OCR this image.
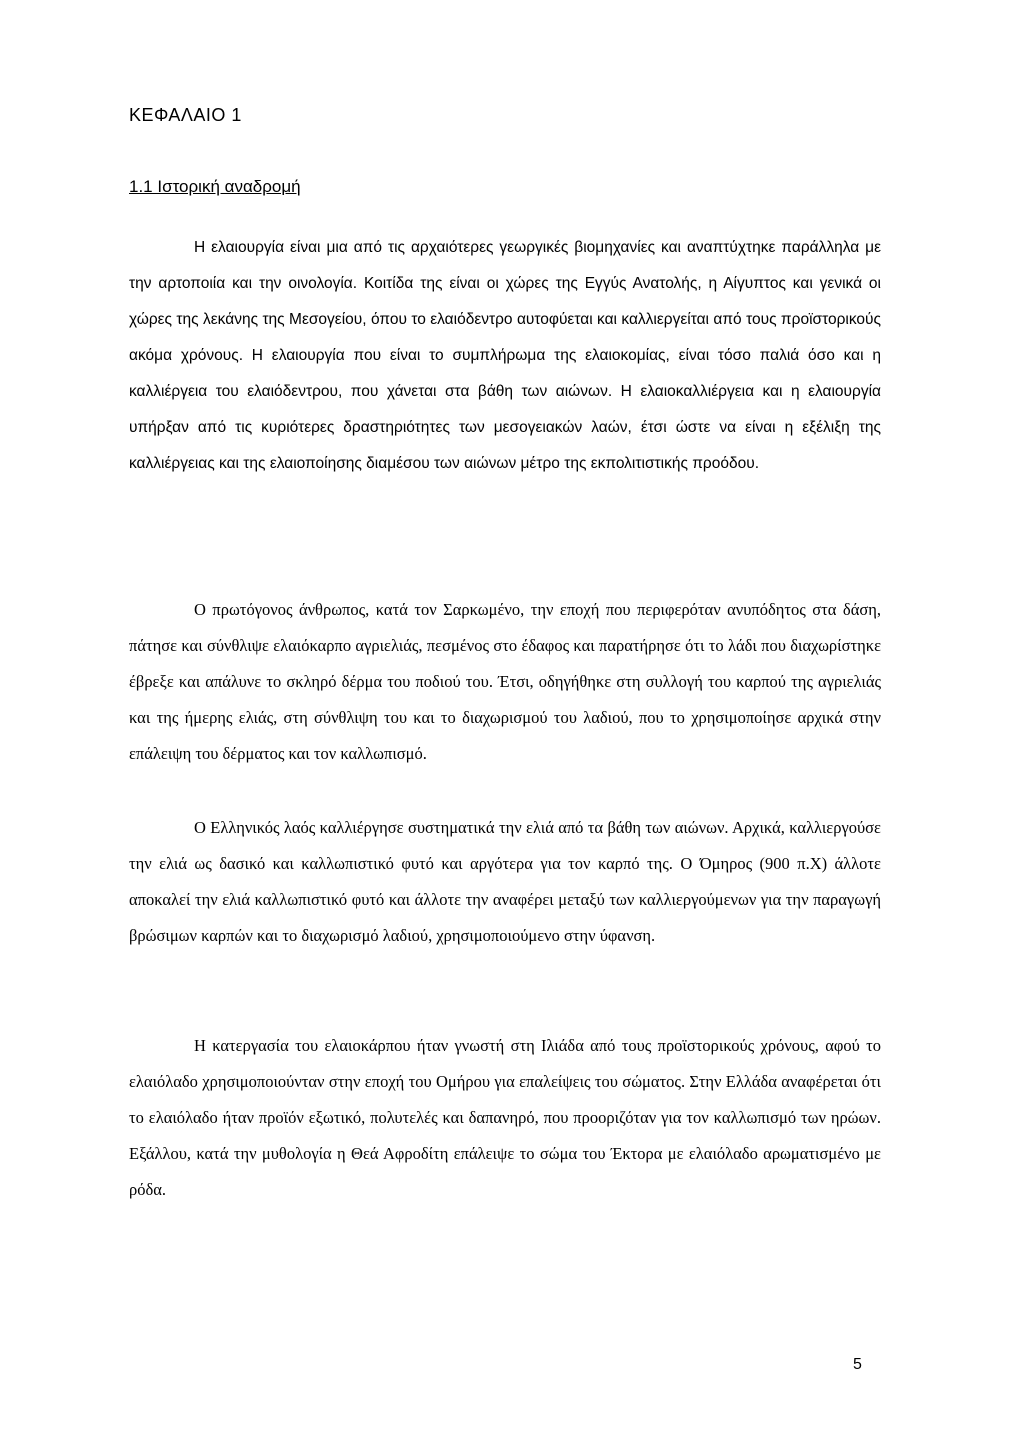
ΚΕΦΑΛΑΙΟ 1
1.1 Ιστορική αναδρομή

Η ελαιουργία είναι μια από τις αρχαιότερες γεωργικές βιομηχανίες και αναπτύχτηκε παράλληλα με την αρτοποιία και την οινολογία. Κοιτίδα της είναι οι χώρες της Εγγύς Ανατολής, η Αίγυπτος και γενικά οι χώρες της λεκάνης της Μεσογείου, όπου το ελαιόδεντρο αυτοφύεται και καλλιεργείται από τους προϊστορικούς ακόμα χρόνους. Η ελαιουργία που είναι το συμπλήρωμα της ελαιοκομίας, είναι τόσο παλιά όσο και η καλλιέργεια του ελαιόδεντρου, που χάνεται στα βάθη των αιώνων. Η ελαιοκαλλιέργεια και η ελαιουργία υπήρξαν από τις κυριότερες δραστηριότητες των μεσογειακών λαών, έτσι ώστε να είναι η εξέλιξη της καλλιέργειας και της ελαιοποίησης διαμέσου των αιώνων μέτρο της εκπολιτιστικής προόδου.

Ο πρωτόγονος άνθρωπος, κατά τον Σαρκωμένο, την εποχή που περιφερόταν ανυπόδητος στα δάση, πάτησε και σύνθλιψε ελαιόκαρπο αγριελιάς, πεσμένος στο έδαφος και παρατήρησε ότι το λάδι που διαχωρίστηκε έβρεξε και απάλυνε το σκληρό δέρμα του ποδιού του. Έτσι, οδηγήθηκε στη συλλογή του καρπού της αγριελιάς και της ήμερης ελιάς, στη σύνθλιψη του και το διαχωρισμού του λαδιού, που το χρησιμοποίησε αρχικά στην επάλειψη του δέρματος και τον καλλωπισμό.

Ο Ελληνικός λαός καλλιέργησε συστηματικά την ελιά από τα βάθη των αιώνων. Αρχικά, καλλιεργούσε την ελιά ως δασικό και καλλωπιστικό φυτό και αργότερα για τον καρπό της. Ο Όμηρος (900 π.Χ) άλλοτε αποκαλεί την ελιά καλλωπιστικό φυτό και άλλοτε την αναφέρει μεταξύ των καλλιεργούμενων για την παραγωγή βρώσιμων καρπών και το διαχωρισμό λαδιού, χρησιμοποιούμενο στην ύφανση.

Η κατεργασία του ελαιοκάρπου ήταν γνωστή στη Ιλιάδα από τους προϊστορικούς χρόνους, αφού το ελαιόλαδο χρησιμοποιούνταν στην εποχή του Ομήρου για επαλείψεις του σώματος. Στην Ελλάδα αναφέρεται ότι το ελαιόλαδο ήταν προϊόν εξωτικό, πολυτελές και δαπανηρό, που προοριζόταν για τον καλλωπισμό των ηρώων. Εξάλλου, κατά την μυθολογία η Θεά Αφροδίτη επάλειψε το σώμα του Έκτορα με ελαιόλαδο αρωματισμένο με ρόδα.

5
